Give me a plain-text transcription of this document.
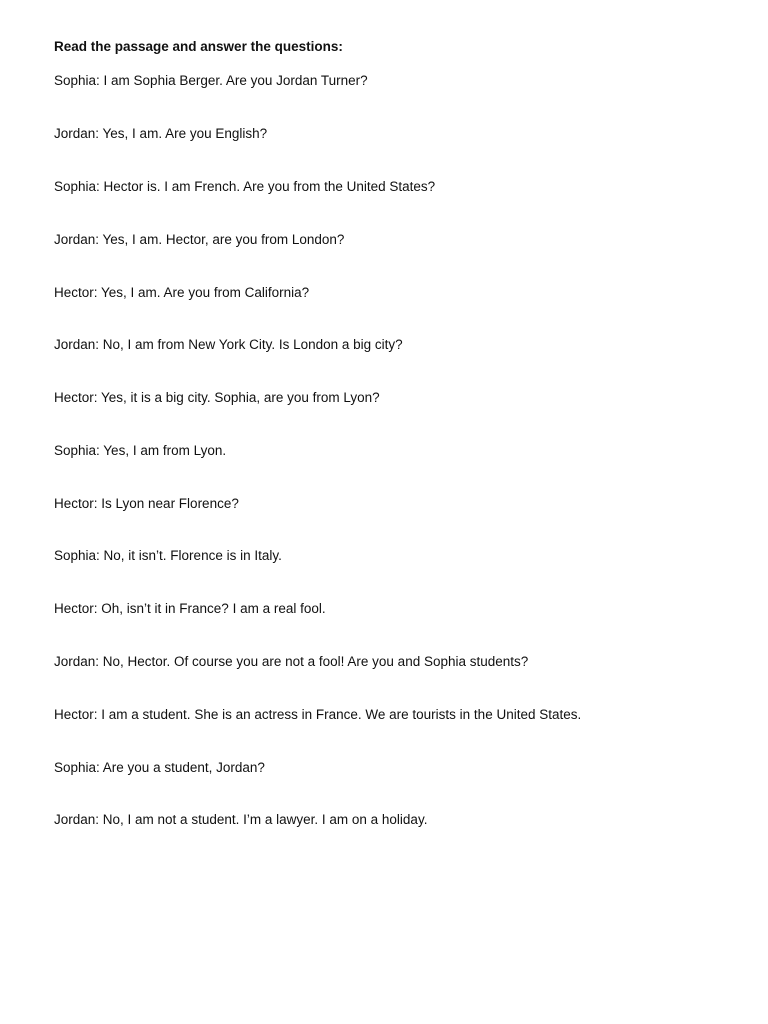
Read the passage and answer the questions:
Sophia: I am Sophia Berger. Are you Jordan Turner?
Jordan: Yes, I am. Are you English?
Sophia: Hector is. I am French. Are you from the United States?
Jordan: Yes, I am. Hector, are you from London?
Hector: Yes, I am. Are you from California?
Jordan: No, I am from New York City. Is London a big city?
Hector: Yes, it is a big city. Sophia, are you from Lyon?
Sophia: Yes, I am from Lyon.
Hector: Is Lyon near Florence?
Sophia: No, it isn’t. Florence is in Italy.
Hector: Oh, isn’t it in France? I am a real fool.
Jordan: No, Hector. Of course you are not a fool! Are you and Sophia students?
Hector: I am a student. She is an actress in France. We are tourists in the United States.
Sophia: Are you a student, Jordan?
Jordan: No, I am not a student. I’m a lawyer. I am on a holiday.
